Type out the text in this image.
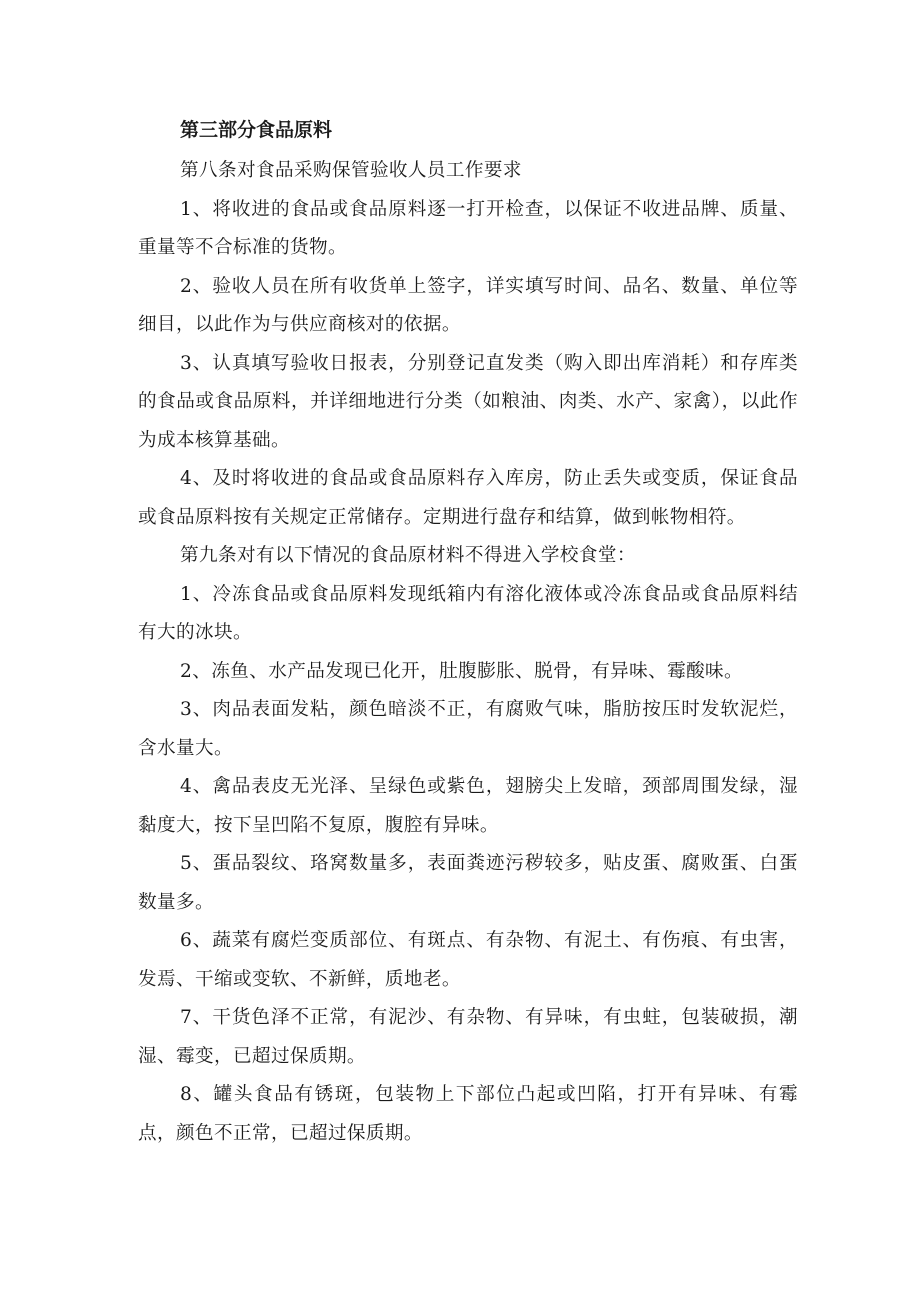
第三部分食品原料

第八条对食品采购保管验收人员工作要求

1、将收进的食品或食品原料逐一打开检查，以保证不收进品牌、质量、重量等不合标准的货物。

2、验收人员在所有收货单上签字，详实填写时间、品名、数量、单位等细目，以此作为与供应商核对的依据。

3、认真填写验收日报表，分别登记直发类（购入即出库消耗）和存库类的食品或食品原料，并详细地进行分类（如粮油、肉类、水产、家禽），以此作为成本核算基础。

4、及时将收进的食品或食品原料存入库房，防止丢失或变质，保证食品或食品原料按有关规定正常储存。定期进行盘存和结算，做到帐物相符。

第九条对有以下情况的食品原材料不得进入学校食堂：

1、冷冻食品或食品原料发现纸箱内有溶化液体或冷冻食品或食品原料结有大的冰块。

2、冻鱼、水产品发现已化开，肚腹膨胀、脱骨，有异味、霉酸味。

3、肉品表面发粘，颜色暗淡不正，有腐败气味，脂肪按压时发软泥烂，含水量大。

4、禽品表皮无光泽、呈绿色或紫色，翅膀尖上发暗，颈部周围发绿，湿黏度大，按下呈凹陷不复原，腹腔有异味。

5、蛋品裂纹、珞窝数量多，表面粪迹污秽较多，贴皮蛋、腐败蛋、白蛋数量多。

6、蔬菜有腐烂变质部位、有斑点、有杂物、有泥土、有伤痕、有虫害，发焉、干缩或变软、不新鲜，质地老。

7、干货色泽不正常，有泥沙、有杂物、有异味，有虫蛀，包装破损，潮湿、霉变，已超过保质期。

8、罐头食品有锈斑，包装物上下部位凸起或凹陷，打开有异味、有霉点，颜色不正常，已超过保质期。
